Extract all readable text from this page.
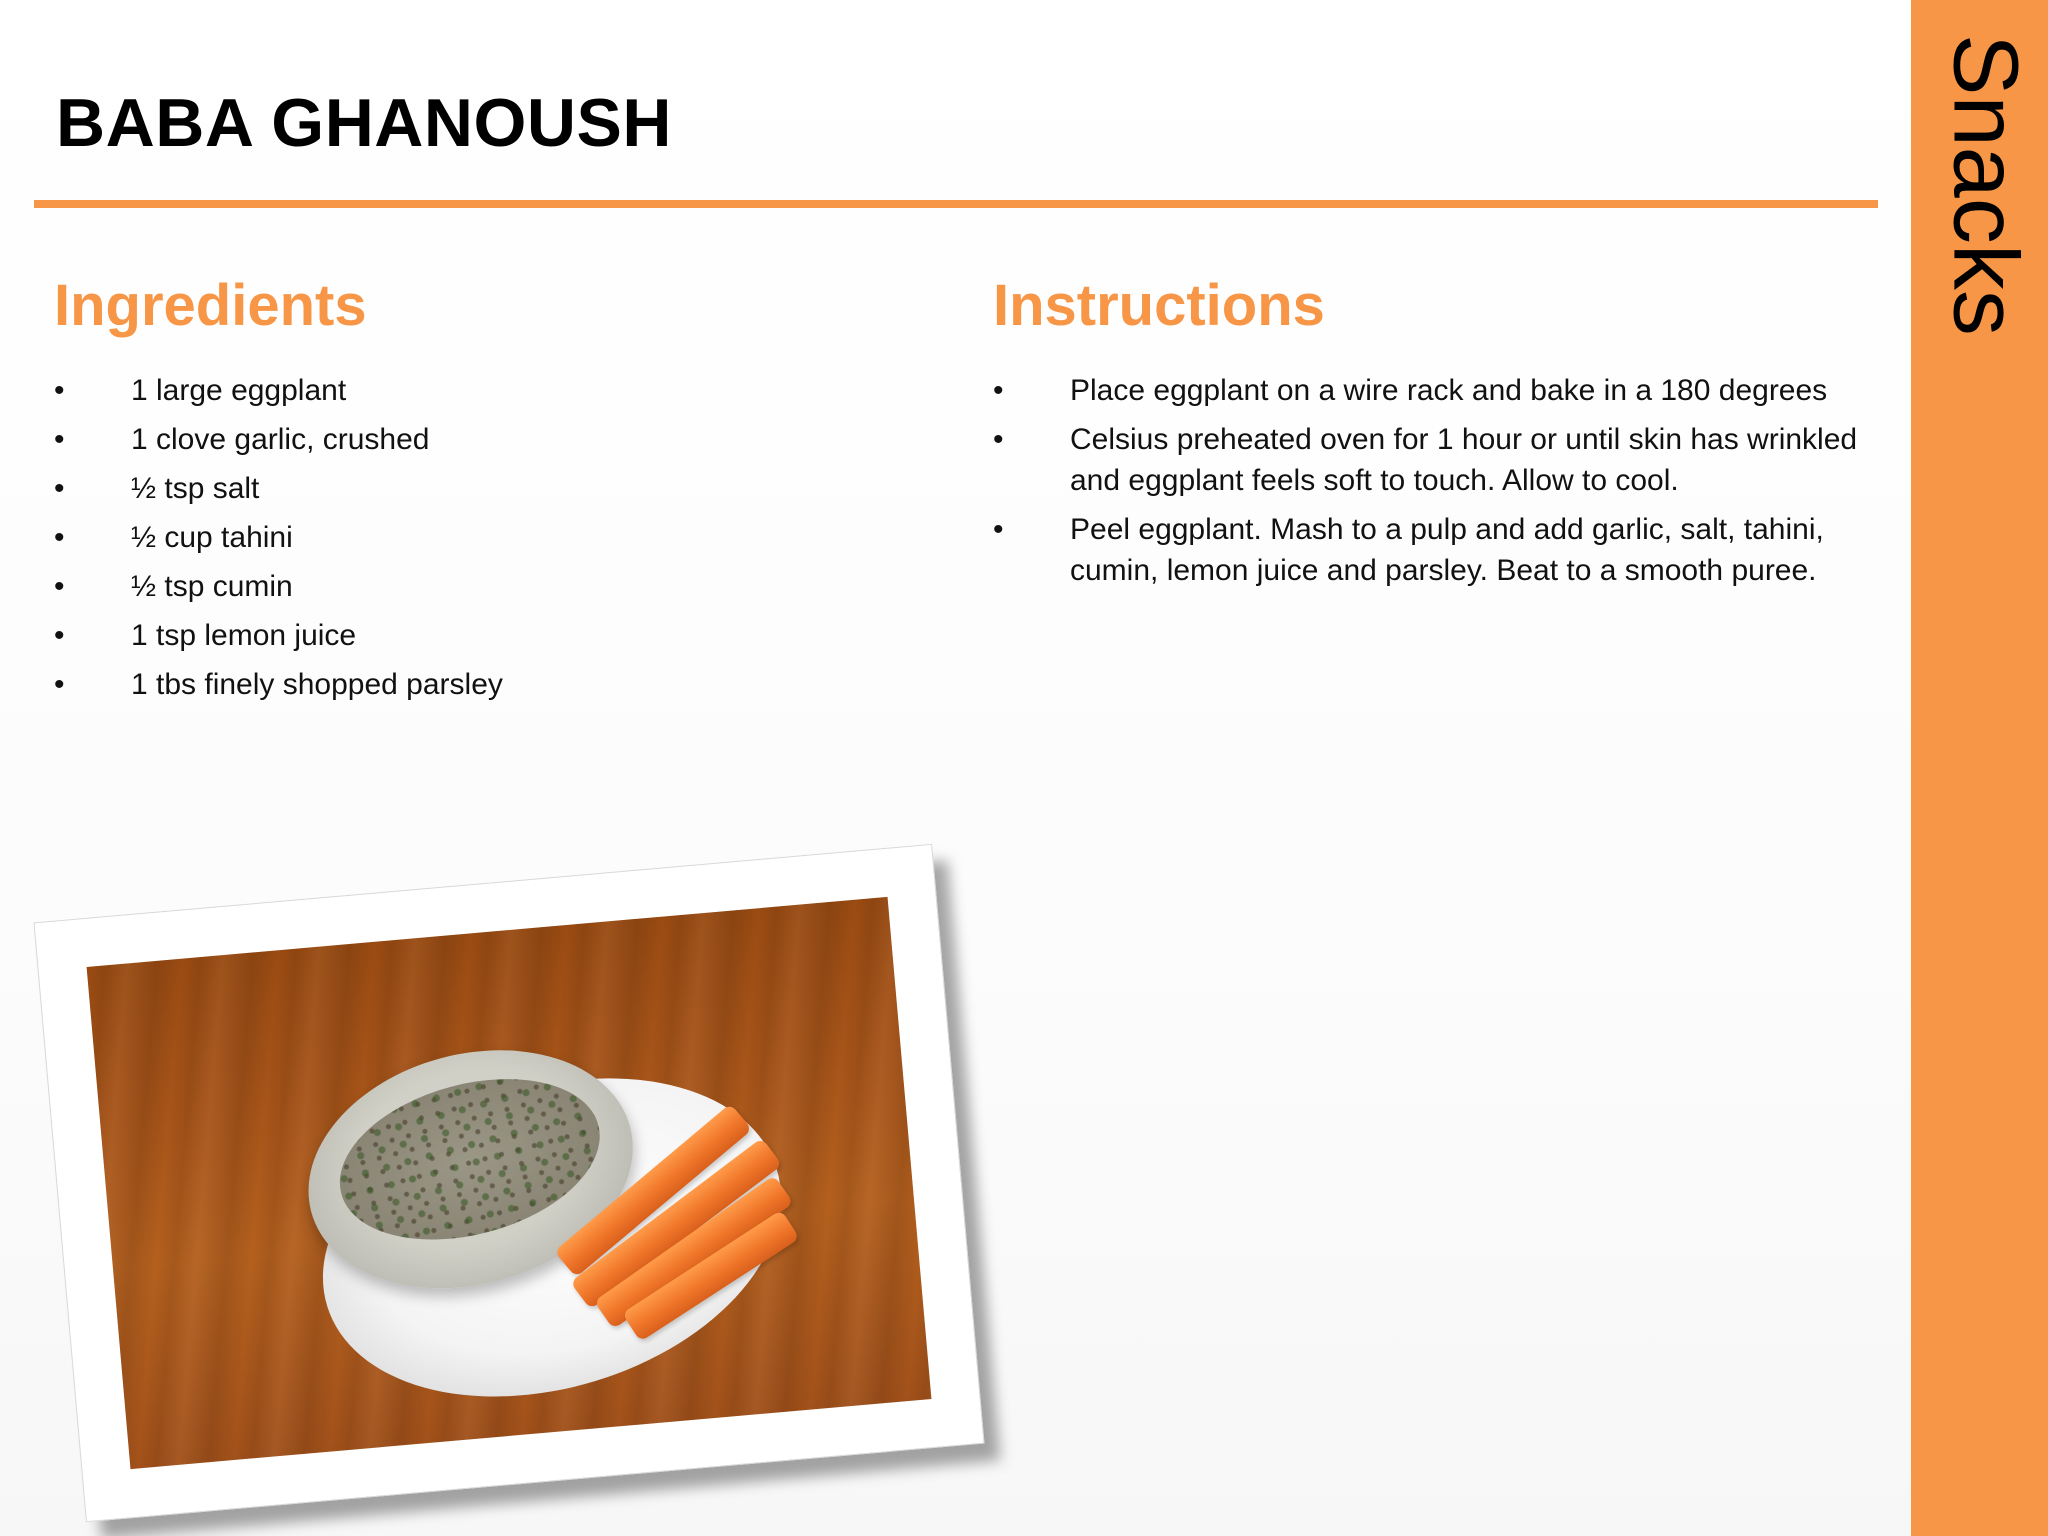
BABA GHANOUSH	Snacks
Ingredients
• 1 large eggplant
• 1 clove garlic, crushed
• ½ tsp salt
• ½ cup tahini
• ½ tsp cumin
• 1 tsp lemon juice
• 1 tbs finely shopped parsley
Instructions
• Place eggplant on a wire rack and bake in a 180 degrees
• Celsius preheated oven for 1 hour or until skin has wrinkled and eggplant feels soft to touch. Allow to cool.
• Peel eggplant. Mash to a pulp and add garlic, salt, tahini, cumin, lemon juice and parsley. Beat to a smooth puree.
